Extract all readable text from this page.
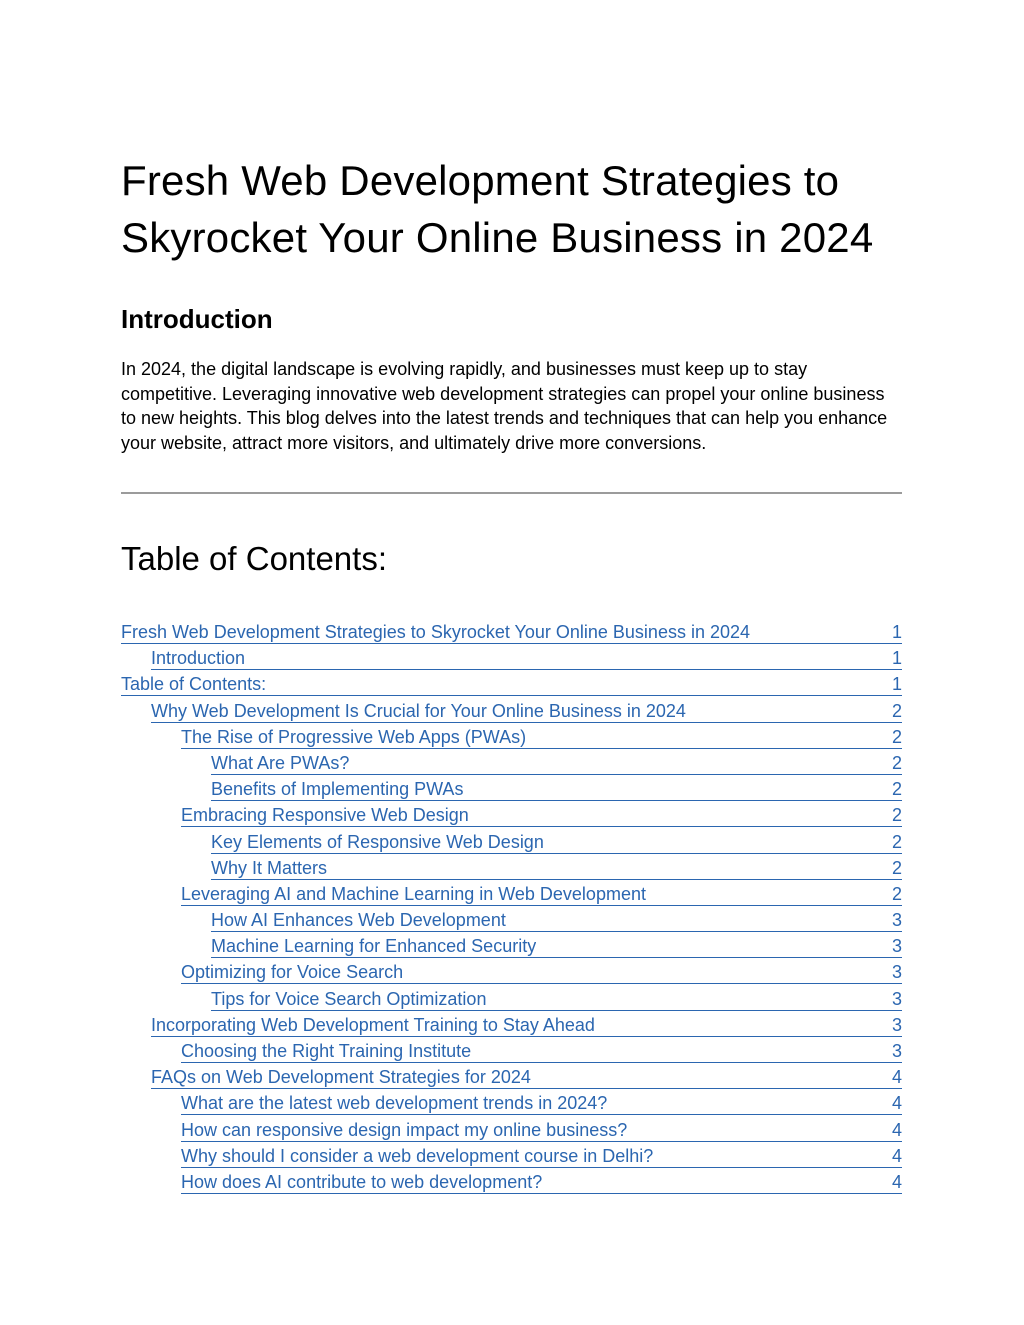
Fresh Web Development Strategies to Skyrocket Your Online Business in 2024
Introduction

In 2024, the digital landscape is evolving rapidly, and businesses must keep up to stay competitive. Leveraging innovative web development strategies can propel your online business to new heights. This blog delves into the latest trends and techniques that can help you enhance your website, attract more visitors, and ultimately drive more conversions.

Table of Contents:
Fresh Web Development Strategies to Skyrocket Your Online Business in 2024	1
Introduction	1
Table of Contents:	1
Why Web Development Is Crucial for Your Online Business in 2024	2
The Rise of Progressive Web Apps (PWAs)	2
What Are PWAs?	2
Benefits of Implementing PWAs	2
Embracing Responsive Web Design	2
Key Elements of Responsive Web Design	2
Why It Matters	2
Leveraging AI and Machine Learning in Web Development	2
How AI Enhances Web Development	3
Machine Learning for Enhanced Security	3
Optimizing for Voice Search	3
Tips for Voice Search Optimization	3
Incorporating Web Development Training to Stay Ahead	3
Choosing the Right Training Institute	3
FAQs on Web Development Strategies for 2024	4
What are the latest web development trends in 2024?	4
How can responsive design impact my online business?	4
Why should I consider a web development course in Delhi?	4
How does AI contribute to web development?	4
